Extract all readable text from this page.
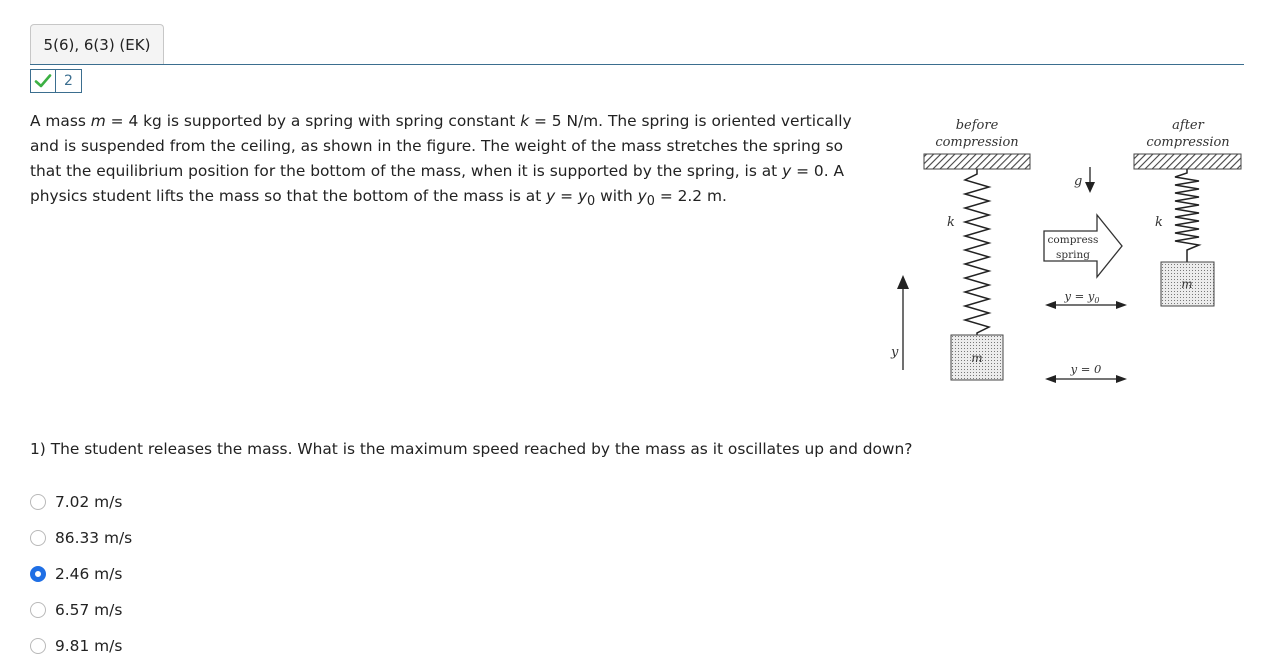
5(6), 6(3) (EK)
2
A mass m = 4 kg is supported by a spring with spring constant k = 5 N/m. The spring is oriented vertically and is suspended from the ceiling, as shown in the figure. The weight of the mass stretches the spring so that the equilibrium position for the bottom of the mass, when it is supported by the spring, is at y = 0. A physics student lifts the mass so that the bottom of the mass is at $y = y_0$ with $y_0 = 2.2$ m.
before
compression
k
m
y
g
compress
spring
$y = y_0$
y = 0
after
compression
k
m
1) The student releases the mass. What is the maximum speed reached by the mass as it oscillates up and down?
7.02 m/s
86.33 m/s
2.46 m/s
6.57 m/s
9.81 m/s
